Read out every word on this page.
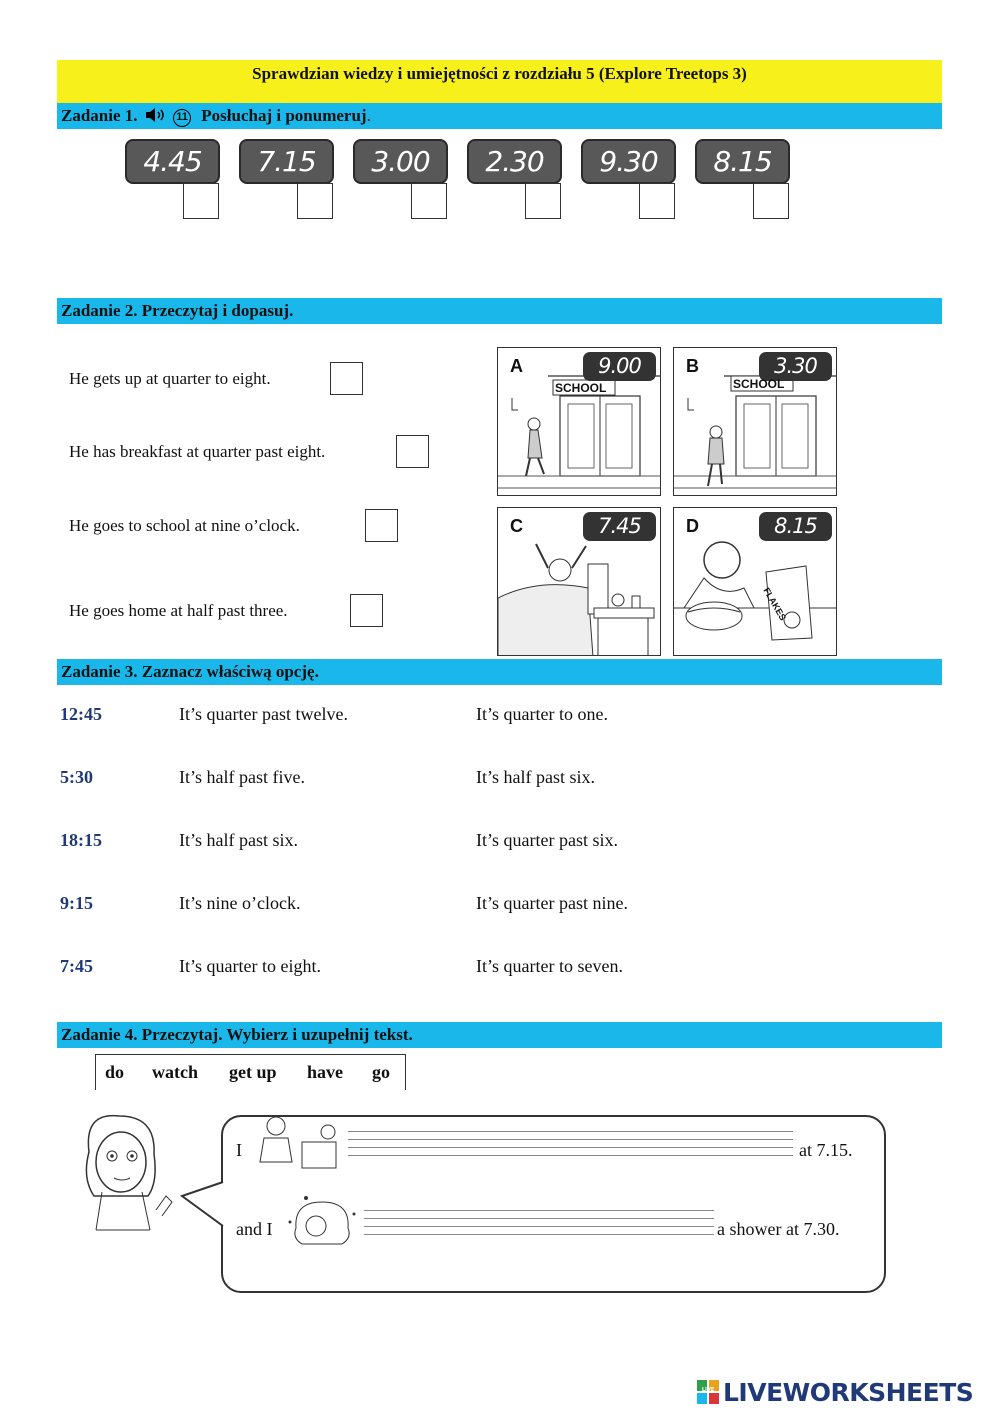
Sprawdzian wiedzy i umiejętności z rozdziału 5 (Explore Treetops 3)
Zadanie 1.	11 Posłuchaj i ponumeruj.
4.45	7.15	3.00	2.30	9.30	8.15
Zadanie 2. Przeczytaj i dopasuj.
He gets up at quarter to eight.
He has breakfast at quarter past eight.
He goes to school at nine o’clock.
He goes home at half past three.
A	9.00
SCHOOL
B	3.30
SCHOOL
C	7.45	D	8.15
FLAKES
Zadanie 3. Zaznacz właściwą opcję.
12:45	It’s quarter past twelve.	It’s quarter to one.
5:30	It’s half past five.	It’s half past six.
18:15	It’s half past six.	It’s quarter past six.
9:15	It’s nine o’clock.	It’s quarter past nine.
7:45	It’s quarter to eight.	It’s quarter to seven.
Zadanie 4. Przeczytaj. Wybierz i uzupełnij tekst.
do watch get up have go
I	at 7.15.
and I	a shower at 7.30.
LIVE LIVEWORKSHEETS
